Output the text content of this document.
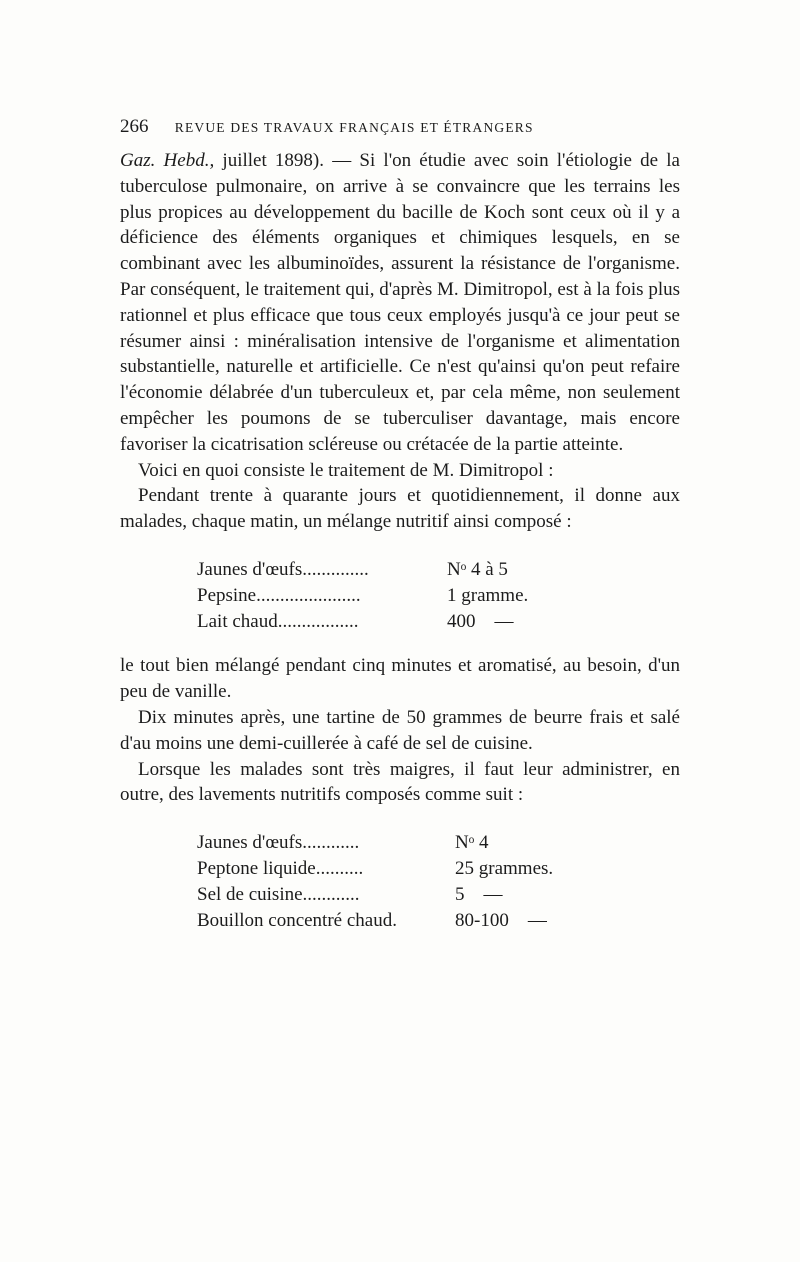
266 REVUE DES TRAVAUX FRANÇAIS ET ÉTRANGERS

Gaz. Hebd., juillet 1898). — Si l'on étudie avec soin l'étiologie de la tuberculose pulmonaire, on arrive à se convaincre que les terrains les plus propices au développement du bacille de Koch sont ceux où il y a déficience des éléments organiques et chimiques lesquels, en se combinant avec les albuminoïdes, assurent la résistance de l'organisme. Par conséquent, le traitement qui, d'après M. Dimitropol, est à la fois plus rationnel et plus efficace que tous ceux employés jusqu'à ce jour peut se résumer ainsi : minéralisation intensive de l'organisme et alimentation substantielle, naturelle et artificielle. Ce n'est qu'ainsi qu'on peut refaire l'économie délabrée d'un tuberculeux et, par cela même, non seulement empêcher les poumons de se tuberculiser davantage, mais encore favoriser la cicatrisation scléreuse ou crétacée de la partie atteinte.

Voici en quoi consiste le traitement de M. Dimitropol :

Pendant trente à quarante jours et quotidiennement, il donne aux malades, chaque matin, un mélange nutritif ainsi composé :

Jaunes d'œufs..............	Nᵒ 4 à 5
Pepsine......................	1 gramme.
Lait chaud.................	400    —

le tout bien mélangé pendant cinq minutes et aromatisé, au besoin, d'un peu de vanille.

Dix minutes après, une tartine de 50 grammes de beurre frais et salé d'au moins une demi-cuillerée à café de sel de cuisine.

Lorsque les malades sont très maigres, il faut leur administrer, en outre, des lavements nutritifs composés comme suit :

Jaunes d'œufs............	Nᵒ 4
Peptone liquide..........	25 grammes.
Sel de cuisine............	5    —
Bouillon concentré chaud.	80-100    —
